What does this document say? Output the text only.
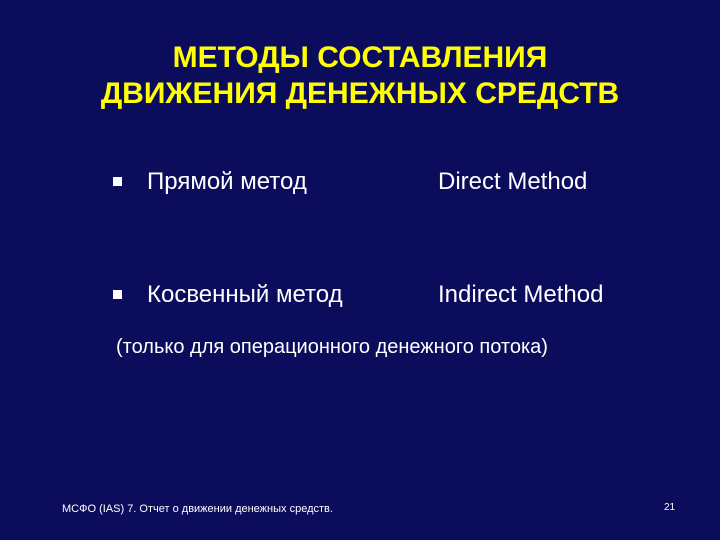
МЕТОДЫ СОСТАВЛЕНИЯ
ДВИЖЕНИЯ ДЕНЕЖНЫХ СРЕДСТВ
Прямой метод	Direct Method
Косвенный метод	Indirect Method
(только для операционного денежного потока)
МСФО (IAS) 7. Отчет о движении денежных средств.	21
